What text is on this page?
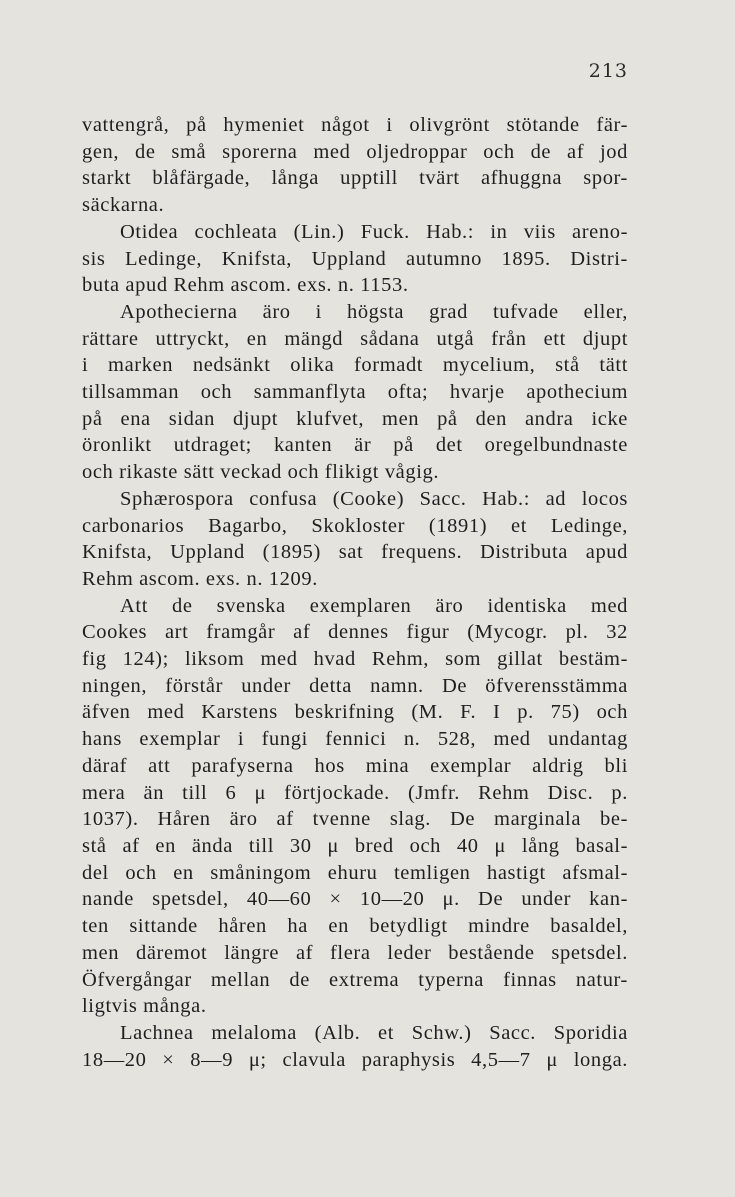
213
vattengrå, på hymeniet något i olivgrönt stötande fär-
gen, de små sporerna med oljedroppar och de af jod
starkt blåfärgade, långa upptill tvärt afhuggna spor-
säckarna.
Otidea cochleata (Lin.) Fuck. Hab.: in viis areno-
sis Ledinge, Knifsta, Uppland autumno 1895. Distri-
buta apud Rehm ascom. exs. n. 1153.
Apothecierna äro i högsta grad tufvade eller,
rättare uttryckt, en mängd sådana utgå från ett djupt
i marken nedsänkt olika formadt mycelium, stå tätt
tillsamman och sammanflyta ofta; hvarje apothecium
på ena sidan djupt klufvet, men på den andra icke
öronlikt utdraget; kanten är på det oregelbundnaste
och rikaste sätt veckad och flikigt vågig.
Sphærospora confusa (Cooke) Sacc. Hab.: ad locos
carbonarios Bagarbo, Skokloster (1891) et Ledinge,
Knifsta, Uppland (1895) sat frequens. Distributa apud
Rehm ascom. exs. n. 1209.
Att de svenska exemplaren äro identiska med
Cookes art framgår af dennes figur (Mycogr. pl. 32
fig 124); liksom med hvad Rehm, som gillat bestäm-
ningen, förstår under detta namn. De öfverensstämma
äfven med Karstens beskrifning (M. F. I p. 75) och
hans exemplar i fungi fennici n. 528, med undantag
däraf att parafyserna hos mina exemplar aldrig bli
mera än till 6 μ förtjockade. (Jmfr. Rehm Disc. p.
1037). Håren äro af tvenne slag. De marginala be-
stå af en ända till 30 μ bred och 40 μ lång basal-
del och en småningom ehuru temligen hastigt afsmal-
nande spetsdel, 40—60 × 10—20 μ. De under kan-
ten sittande håren ha en betydligt mindre basaldel,
men däremot längre af flera leder bestående spetsdel.
Öfvergångar mellan de extrema typerna finnas natur-
ligtvis många.
Lachnea melaloma (Alb. et Schw.) Sacc. Sporidia
18—20 × 8—9 μ; clavula paraphysis 4,5—7 μ longa.
